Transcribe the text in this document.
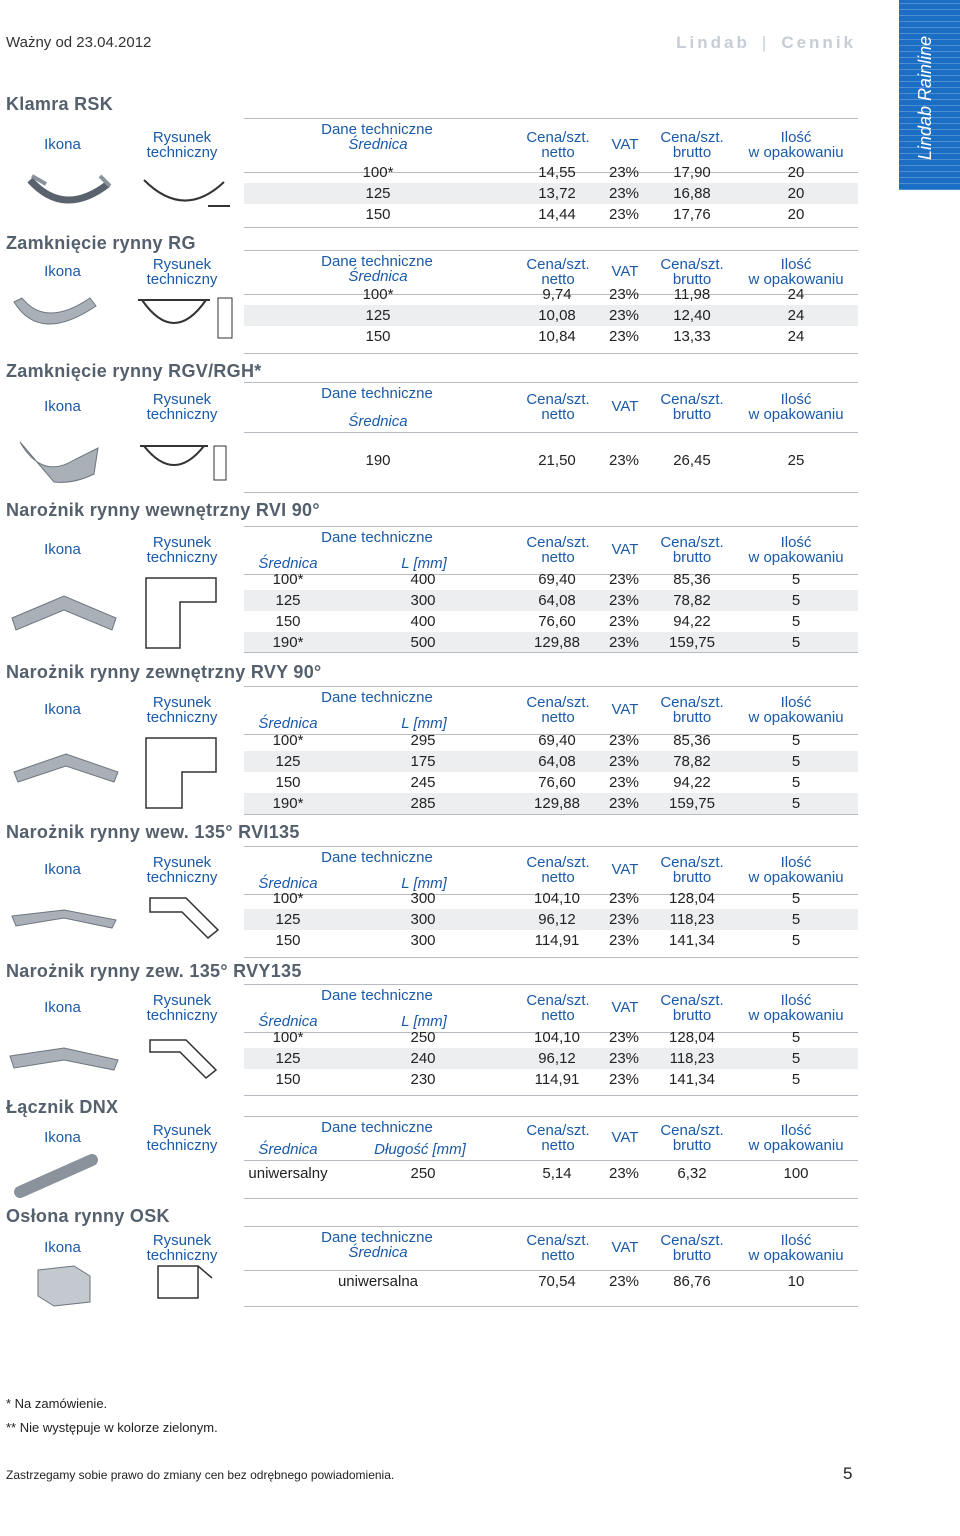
Ważny od 23.04.2012	Lindab | Cennik	Lindab Rainline
Klamra RSK
Ikona	Rysunek
techniczny
Dane techniczne
Średnica	Cena/szt.
netto	VAT	Cena/szt.
brutto
Ilość
w opakowaniu
100*	14,55	23%	17,90	20
125	13,72	23%	16,88	20
150	14,44	23%	17,76	20
Zamknięcie rynny RG
Ikona	Rysunek
techniczny
Dane techniczne
Średnica
Cena/szt.
netto	VAT	Cena/szt.
brutto
Ilość
w opakowaniu
100*	9,74	23%	11,98	24
125	10,08	23%	12,40	24
150	10,84	23%	13,33	24
Zamknięcie rynny RGV/RGH*
Ikona	Rysunek
techniczny
Dane techniczne
Średnica
Cena/szt.
netto	VAT	Cena/szt.
brutto
Ilość
w opakowaniu
190	21,50	23%	26,45	25
Narożnik rynny wewnętrzny RVI 90°
Ikona	Rysunek
techniczny
Dane techniczne
Średnica	L [mm]
Cena/szt.
netto	VAT	Cena/szt.
brutto
Ilość
w opakowaniu
100*	400	69,40	23%	85,36	5
125	300	64,08	23%	78,82	5
150	400	76,60	23%	94,22	5
190*	500	129,88	23%	159,75	5
Narożnik rynny zewnętrzny RVY 90°
Ikona	Rysunek
techniczny
Dane techniczne
Średnica	L [mm]
Cena/szt.
netto	VAT	Cena/szt.
brutto
Ilość
w opakowaniu
100*	295	69,40	23%	85,36	5
125	175	64,08	23%	78,82	5
150	245	76,60	23%	94,22	5
190*	285	129,88	23%	159,75	5
Narożnik rynny wew. 135° RVI135
Ikona	Rysunek
techniczny
Dane techniczne
Średnica	L [mm]
Cena/szt.
netto	VAT	Cena/szt.
brutto
Ilość
w opakowaniu
100*	300	104,10	23%	128,04	5
125	300	96,12	23%	118,23	5
150	300	114,91	23%	141,34	5
Narożnik rynny zew. 135° RVY135
Ikona	Rysunek
techniczny
Dane techniczne
Średnica	L [mm]
Cena/szt.
netto	VAT	Cena/szt.
brutto
Ilość
w opakowaniu
100*	250	104,10	23%	128,04	5
125	240	96,12	23%	118,23	5
150	230	114,91	23%	141,34	5
Łącznik DNX
Ikona	Rysunek
techniczny
Dane techniczne
Średnica	Długość [mm]
Cena/szt.
netto	VAT	Cena/szt.
brutto
Ilość
w opakowaniu
uniwersalny	250	5,14	23%	6,32	100
Osłona rynny OSK
Ikona	Rysunek
techniczny
Dane techniczne
Średnica
Cena/szt.
netto	VAT	Cena/szt.
brutto
Ilość
w opakowaniu
uniwersalna	70,54	23%	86,76	10
* Na zamówienie.
** Nie występuje w kolorze zielonym.
Zastrzegamy sobie prawo do zmiany cen bez odrębnego powiadomienia.	5
